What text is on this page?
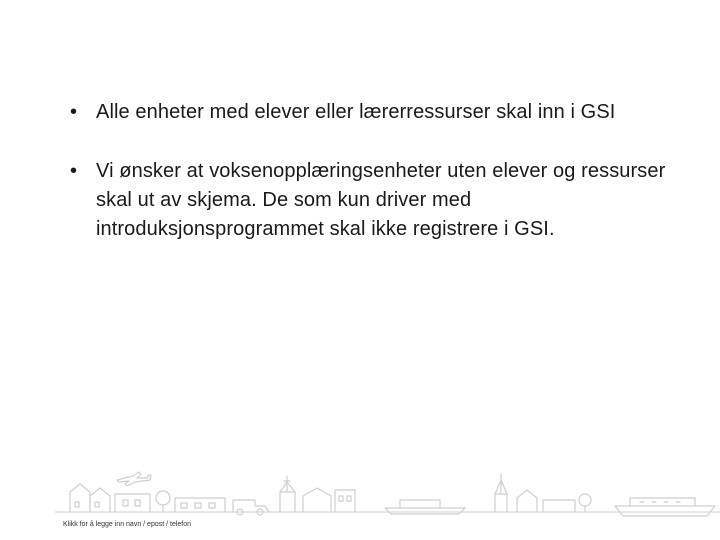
• Alle enheter med elever eller lærerressurser skal inn i GSI
• Vi ønsker at voksenopplæringsenheter uten elever og ressurser skal ut av skjema. De som kun driver med introduksjonsprogrammet skal ikke registrere i GSI.
Klikk for å legge inn navn / epost / telefon
